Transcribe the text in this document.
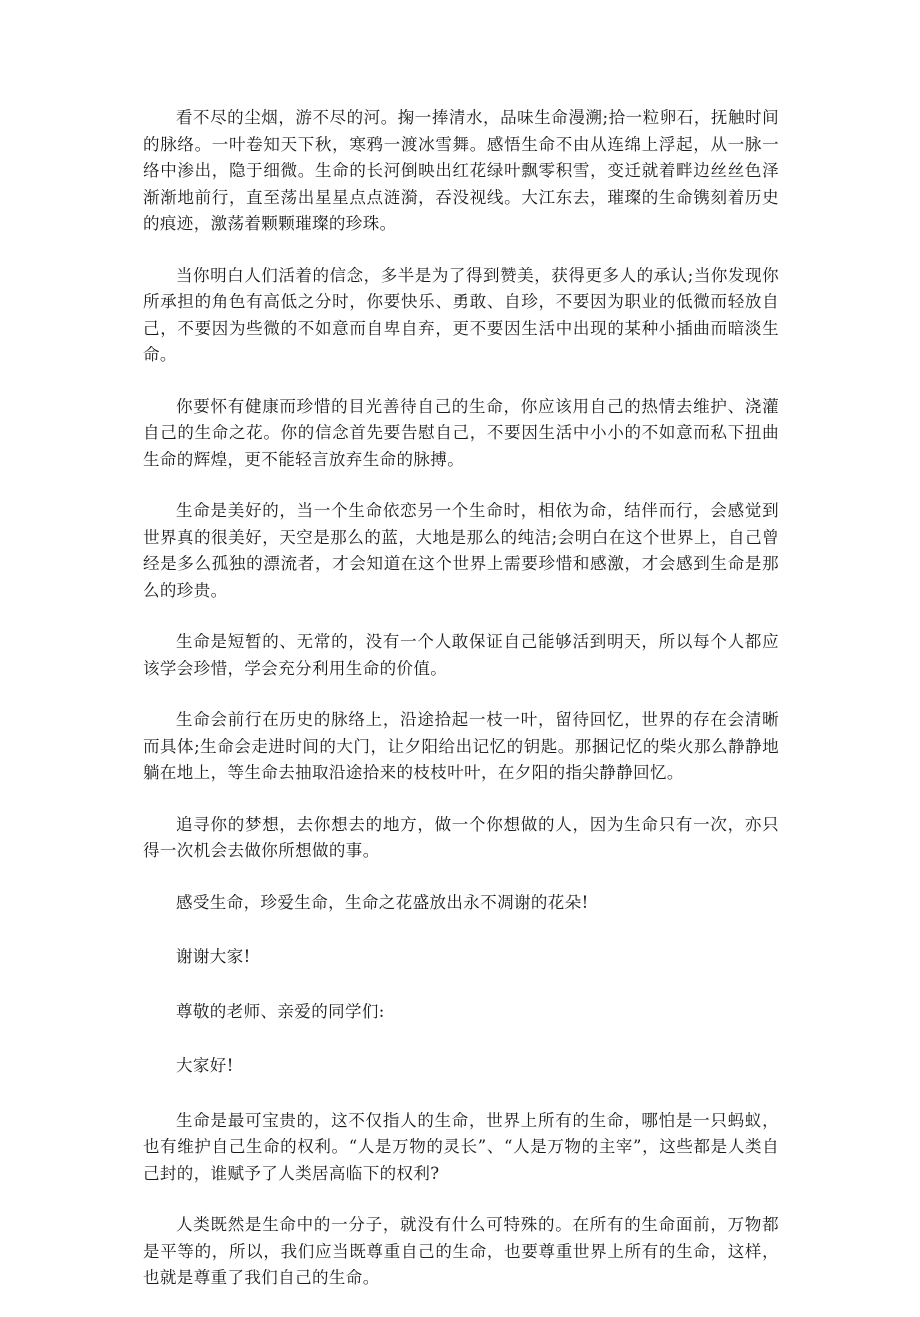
看不尽的尘烟，游不尽的河。掬一捧清水，品味生命漫溯;拾一粒卵石，抚触时间的脉络。一叶卷知天下秋，寒鸦一渡冰雪舞。感悟生命不由从连绵上浮起，从一脉一络中渗出，隐于细微。生命的长河倒映出红花绿叶飘零积雪，变迁就着畔边丝丝色泽渐渐地前行，直至荡出星星点点涟漪，吞没视线。大江东去，璀璨的生命镌刻着历史的痕迹，激荡着颗颗璀璨的珍珠。

当你明白人们活着的信念，多半是为了得到赞美，获得更多人的承认;当你发现你所承担的角色有高低之分时，你要快乐、勇敢、自珍，不要因为职业的低微而轻放自己，不要因为些微的不如意而自卑自弃，更不要因生活中出现的某种小插曲而暗淡生命。

你要怀有健康而珍惜的目光善待自己的生命，你应该用自己的热情去维护、浇灌自己的生命之花。你的信念首先要告慰自己，不要因生活中小小的不如意而私下扭曲生命的辉煌，更不能轻言放弃生命的脉搏。

生命是美好的，当一个生命依恋另一个生命时，相依为命，结伴而行，会感觉到世界真的很美好，天空是那么的蓝，大地是那么的纯洁;会明白在这个世界上，自己曾经是多么孤独的漂流者，才会知道在这个世界上需要珍惜和感激，才会感到生命是那么的珍贵。

生命是短暂的、无常的，没有一个人敢保证自己能够活到明天，所以每个人都应该学会珍惜，学会充分利用生命的价值。

生命会前行在历史的脉络上，沿途拾起一枝一叶，留待回忆，世界的存在会清晰而具体;生命会走进时间的大门，让夕阳给出记忆的钥匙。那捆记忆的柴火那么静静地躺在地上，等生命去抽取沿途拾来的枝枝叶叶，在夕阳的指尖静静回忆。

追寻你的梦想，去你想去的地方，做一个你想做的人，因为生命只有一次，亦只得一次机会去做你所想做的事。

感受生命，珍爱生命，生命之花盛放出永不凋谢的花朵!

谢谢大家!

尊敬的老师、亲爱的同学们:

大家好!

生命是最可宝贵的，这不仅指人的生命，世界上所有的生命，哪怕是一只蚂蚁，也有维护自己生命的权利。“人是万物的灵长”、“人是万物的主宰”，这些都是人类自己封的，谁赋予了人类居高临下的权利?

人类既然是生命中的一分子，就没有什么可特殊的。在所有的生命面前，万物都是平等的，所以，我们应当既尊重自己的生命，也要尊重世界上所有的生命，这样，也就是尊重了我们自己的生命。
